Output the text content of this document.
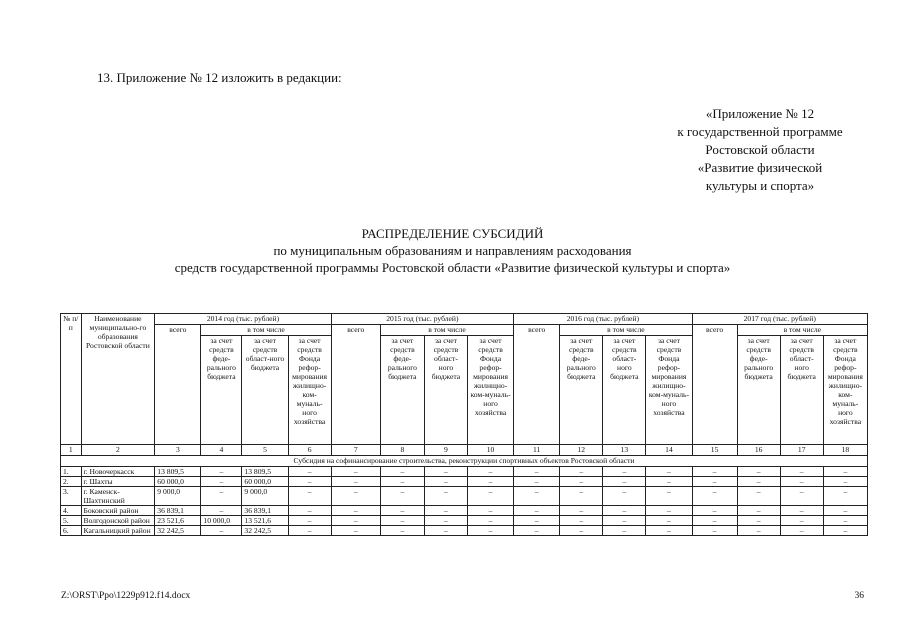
13. Приложение № 12 изложить в редакции:
«Приложение № 12
к государственной программе
Ростовской области
«Развитие физической
культуры и спорта»
РАСПРЕДЕЛЕНИЕ СУБСИДИЙ
по муниципальным образованиям и направлениям расходования
средств государственной программы Ростовской области «Развитие физической культуры и спорта»
№ п/п	Наименование муниципально-го образования Ростовской области	2014 год (тыс. рублей)				2015 год (тыс. рублей)				2016 год (тыс. рублей)				2017 год (тыс. рублей)			
		всего	в том числе			всего	в том числе			всего	в том числе			всего	в том числе		
			за счет средств феде-рального бюджета	за счет средств област-ного бюджета	за счет средств Фонда рефор-мирования жилищно-ком-муналь-ного хозяйства		за счет средств феде-рального бюджета	за счет средств област-ного бюджета	за счет средств Фонда рефор-мирования жилищно-ком-муналь-ного хозяйства		за счет средств феде-рального бюджета	за счет средств област-ного бюджета	за счет средств Фонда рефор-мирования жилищно-ком-муналь-ного хозяйства		за счет средств феде-рального бюджета	за счет средств област-ного бюджета	за счет средств Фонда рефор-мирования жилищно-ком-муналь-ного хозяйства
1	2	3	4	5	6	7	8	9	10	11	12	13	14	15	16	17	18
Субсидия на софинансирование строительства, реконструкции спортивных объектов Ростовской области																	
1.	г. Новочеркасск	13 809,5	–	13 809,5	–	–	–	–	–	–	–	–	–	–	–	–	–
2.	г. Шахты	60 000,0	–	60 000,0	–	–	–	–	–	–	–	–	–	–	–	–	–
3.	г. Каменск-Шахтинский	9 000,0	–	9 000,0	–	–	–	–	–	–	–	–	–	–	–	–	–
4.	Боковский район	36 839,1	–	36 839,1	–	–	–	–	–	–	–	–	–	–	–	–	–
5.	Волгодонской район	23 521,6	10 000,0	13 521,6	–	–	–	–	–	–	–	–	–	–	–	–	–
6.	Кагальницкий район	32 242,5	–	32 242,5	–	–	–	–	–	–	–	–	–	–	–	–	–
Z:\ORST\Ppo\1229p912.f14.docx	36
